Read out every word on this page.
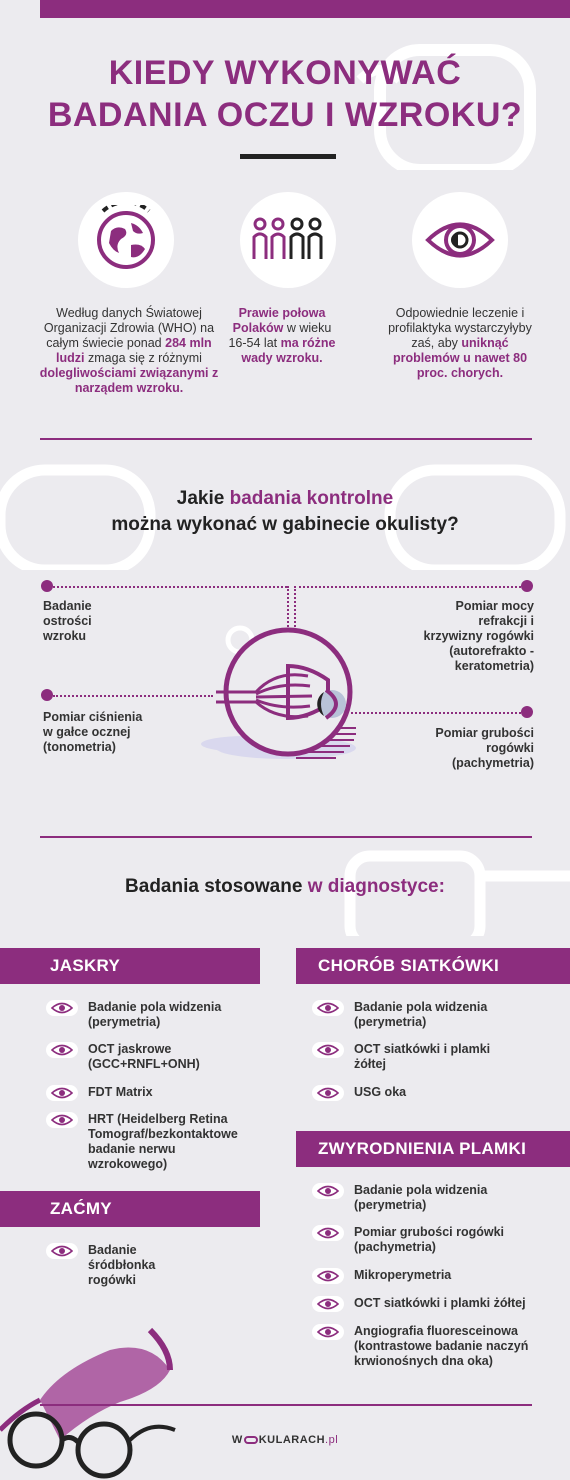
KIEDY WYKONYWAĆ
BADANIA OCZU I WZROKU?
Według danych Światowej Organizacji Zdrowia (WHO) na całym świecie ponad 284 mln ludzi zmaga się z różnymi dolegliwościami związanymi z narządem wzroku.
Prawie połowa Polaków w wieku 16-54 lat ma różne wady wzroku.
Odpowiednie leczenie i profilaktyka wystarczyłyby zaś, aby uniknąć problemów u nawet 80 proc. chorych.
Jakie badania kontrolne
można wykonać w gabinecie okulisty?
Badanie ostrości wzroku
Pomiar ciśnienia w gałce ocznej (tonometria)
Pomiar mocy refrakcji i krzywizny rogówki (autorefrakto -keratometria)
Pomiar grubości rogówki (pachymetria)
Badania stosowane w diagnostyce:
JASKRY	CHORÓB SIATKÓWKI
ZWYRODNIENIA PLAMKI
ZAĆMY
Badanie pola widzenia (perymetria)
OCT jaskrowe (GCC+RNFL+ONH)
FDT Matrix
HRT (Heidelberg Retina Tomograf/bezkontaktowe badanie nerwu wzrokowego)
Badanie śródbłonka rogówki
Badanie pola widzenia (perymetria)
OCT siatkówki i plamki żółtej
USG oka
Badanie pola widzenia (perymetria)
Pomiar grubości rogówki (pachymetria)
Mikroperymetria
OCT siatkówki i plamki żółtej
Angiografia fluoresceinowa (kontrastowe badanie naczyń krwionośnych dna oka)
W KULARACH.pl
